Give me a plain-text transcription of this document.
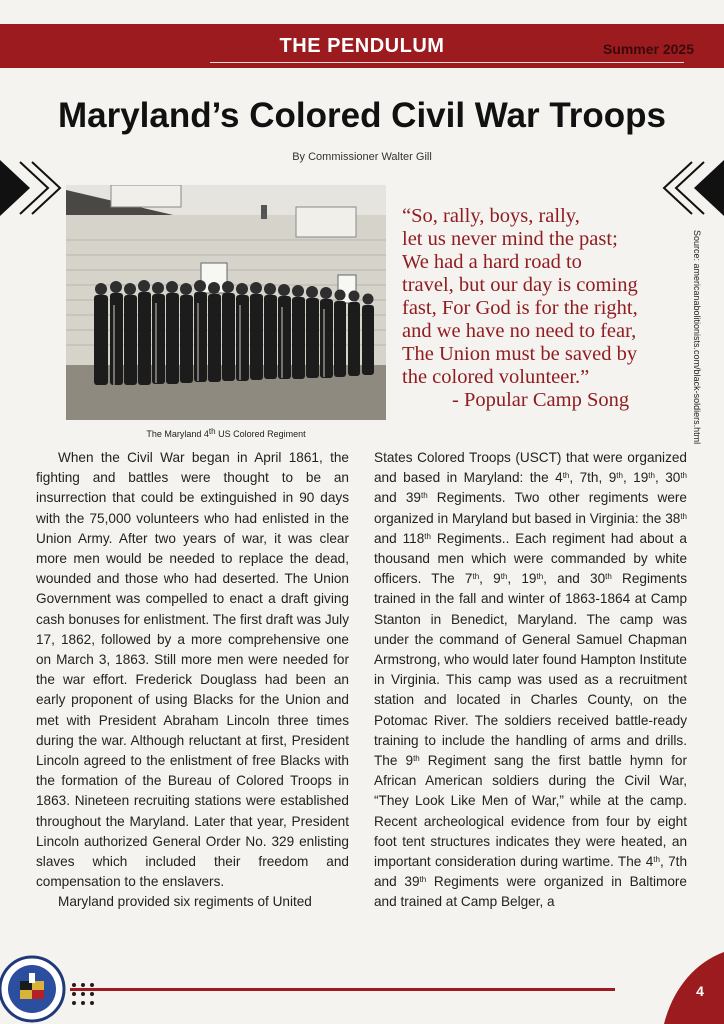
THE PENDULUM	Summer 2025
Maryland’s Colored Civil War Troops
By Commissioner Walter Gill
The Maryland 4th US Colored Regiment
“So, rally, boys, rally,
let us never mind the past;
We had a hard road to
travel, but our day is coming
fast, For God is for the right,
and we have no need to fear,
The Union must be saved by
the colored volunteer.”
- Popular Camp Song	Source: americanabolitionists.com/black-soldiers.html

When the Civil War began in April 1861, the fighting and battles were thought to be an insurrection that could be extinguished in 90 days with the 75,000 volunteers who had enlisted in the Union Army. After two years of war, it was clear more men would be needed to replace the dead, wounded and those who had deserted. The Union Government was compelled to enact a draft giving cash bonuses for enlistment. The first draft was July 17, 1862, followed by a more comprehensive one on March 3, 1863. Still more men were needed for the war effort. Frederick Douglass had been an early proponent of using Blacks for the Union and met with President Abraham Lincoln three times during the war. Although reluctant at first, President Lincoln agreed to the enlistment of free Blacks with the formation of the Bureau of Colored Troops in 1863. Nineteen recruiting stations were established throughout the Maryland. Later that year, President Lincoln authorized General Order No. 329 enlisting slaves which included their freedom and compensation to the enslavers.

Maryland provided six regiments of United

States Colored Troops (USCT) that were organized and based in Maryland: the 4th, 7th, 9th, 19th, 30th and 39th Regiments. Two other regiments were organized in Maryland but based in Virginia: the 38th and 118th Regiments.. Each regiment had about a thousand men which were commanded by white officers. The 7th, 9th, 19th, and 30th Regiments trained in the fall and winter of 1863-1864 at Camp Stanton in Benedict, Maryland. The camp was under the command of General Samuel Chapman Armstrong, who would later found Hampton Institute in Virginia. This camp was used as a recruitment station and located in Charles County, on the Potomac River. The soldiers received battle-ready training to include the handling of arms and drills. The 9th Regiment sang the first battle hymn for African American soldiers during the Civil War, “They Look Like Men of War,” while at the camp. Recent archeological evidence from four by eight foot tent structures indicates they were heated, an important consideration during wartime. The 4th, 7th and 39th Regiments were organized in Baltimore and trained at Camp Belger, a

4
